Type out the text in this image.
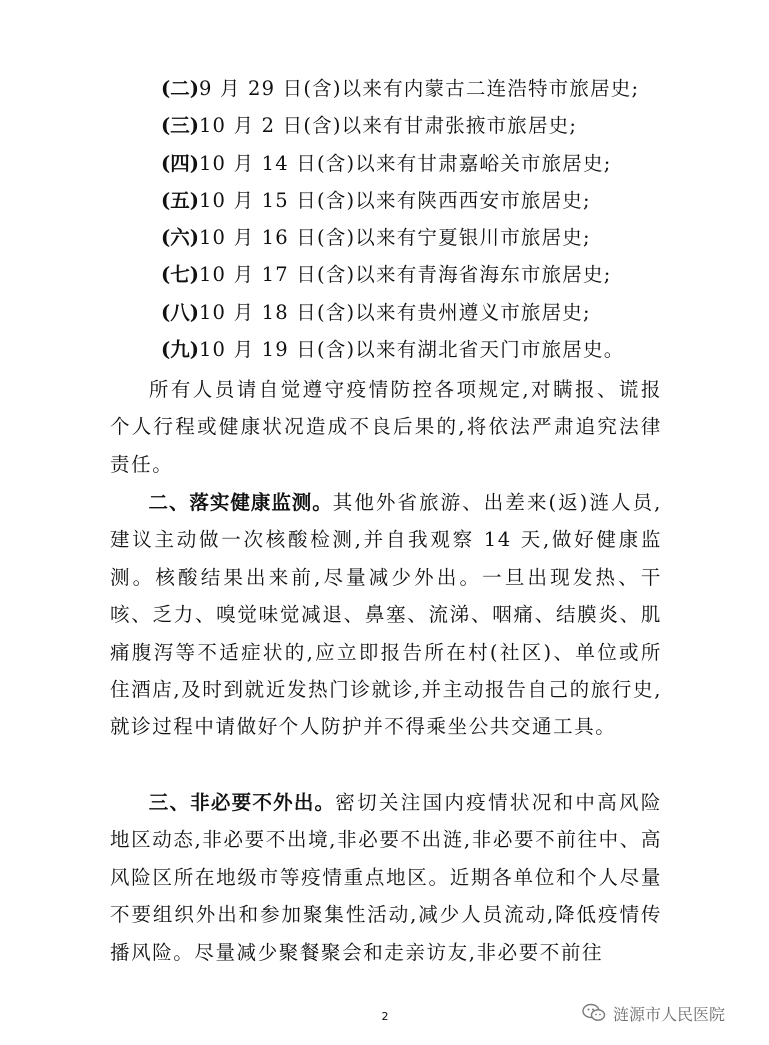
(二)9 月 29 日(含)以来有内蒙古二连浩特市旅居史;
(三)10 月 2 日(含)以来有甘肃张掖市旅居史;
(四)10 月 14 日(含)以来有甘肃嘉峪关市旅居史;
(五)10 月 15 日(含)以来有陕西西安市旅居史;
(六)10 月 16 日(含)以来有宁夏银川市旅居史;
(七)10 月 17 日(含)以来有青海省海东市旅居史;
(八)10 月 18 日(含)以来有贵州遵义市旅居史;
(九)10 月 19 日(含)以来有湖北省天门市旅居史。

所有人员请自觉遵守疫情防控各项规定,对瞒报、谎报个人行程或健康状况造成不良后果的,将依法严肃追究法律责任。

二、落实健康监测。其他外省旅游、出差来(返)涟人员,建议主动做一次核酸检测,并自我观察 14 天,做好健康监测。核酸结果出来前,尽量减少外出。一旦出现发热、干咳、乏力、嗅觉味觉减退、鼻塞、流涕、咽痛、结膜炎、肌痛腹泻等不适症状的,应立即报告所在村(社区)、单位或所住酒店,及时到就近发热门诊就诊,并主动报告自己的旅行史,就诊过程中请做好个人防护并不得乘坐公共交通工具。

三、非必要不外出。密切关注国内疫情状况和中高风险地区动态,非必要不出境,非必要不出涟,非必要不前往中、高风险区所在地级市等疫情重点地区。近期各单位和个人尽量不要组织外出和参加聚集性活动,减少人员流动,降低疫情传播风险。尽量减少聚餐聚会和走亲访友,非必要不前往

2	涟源市人民医院
